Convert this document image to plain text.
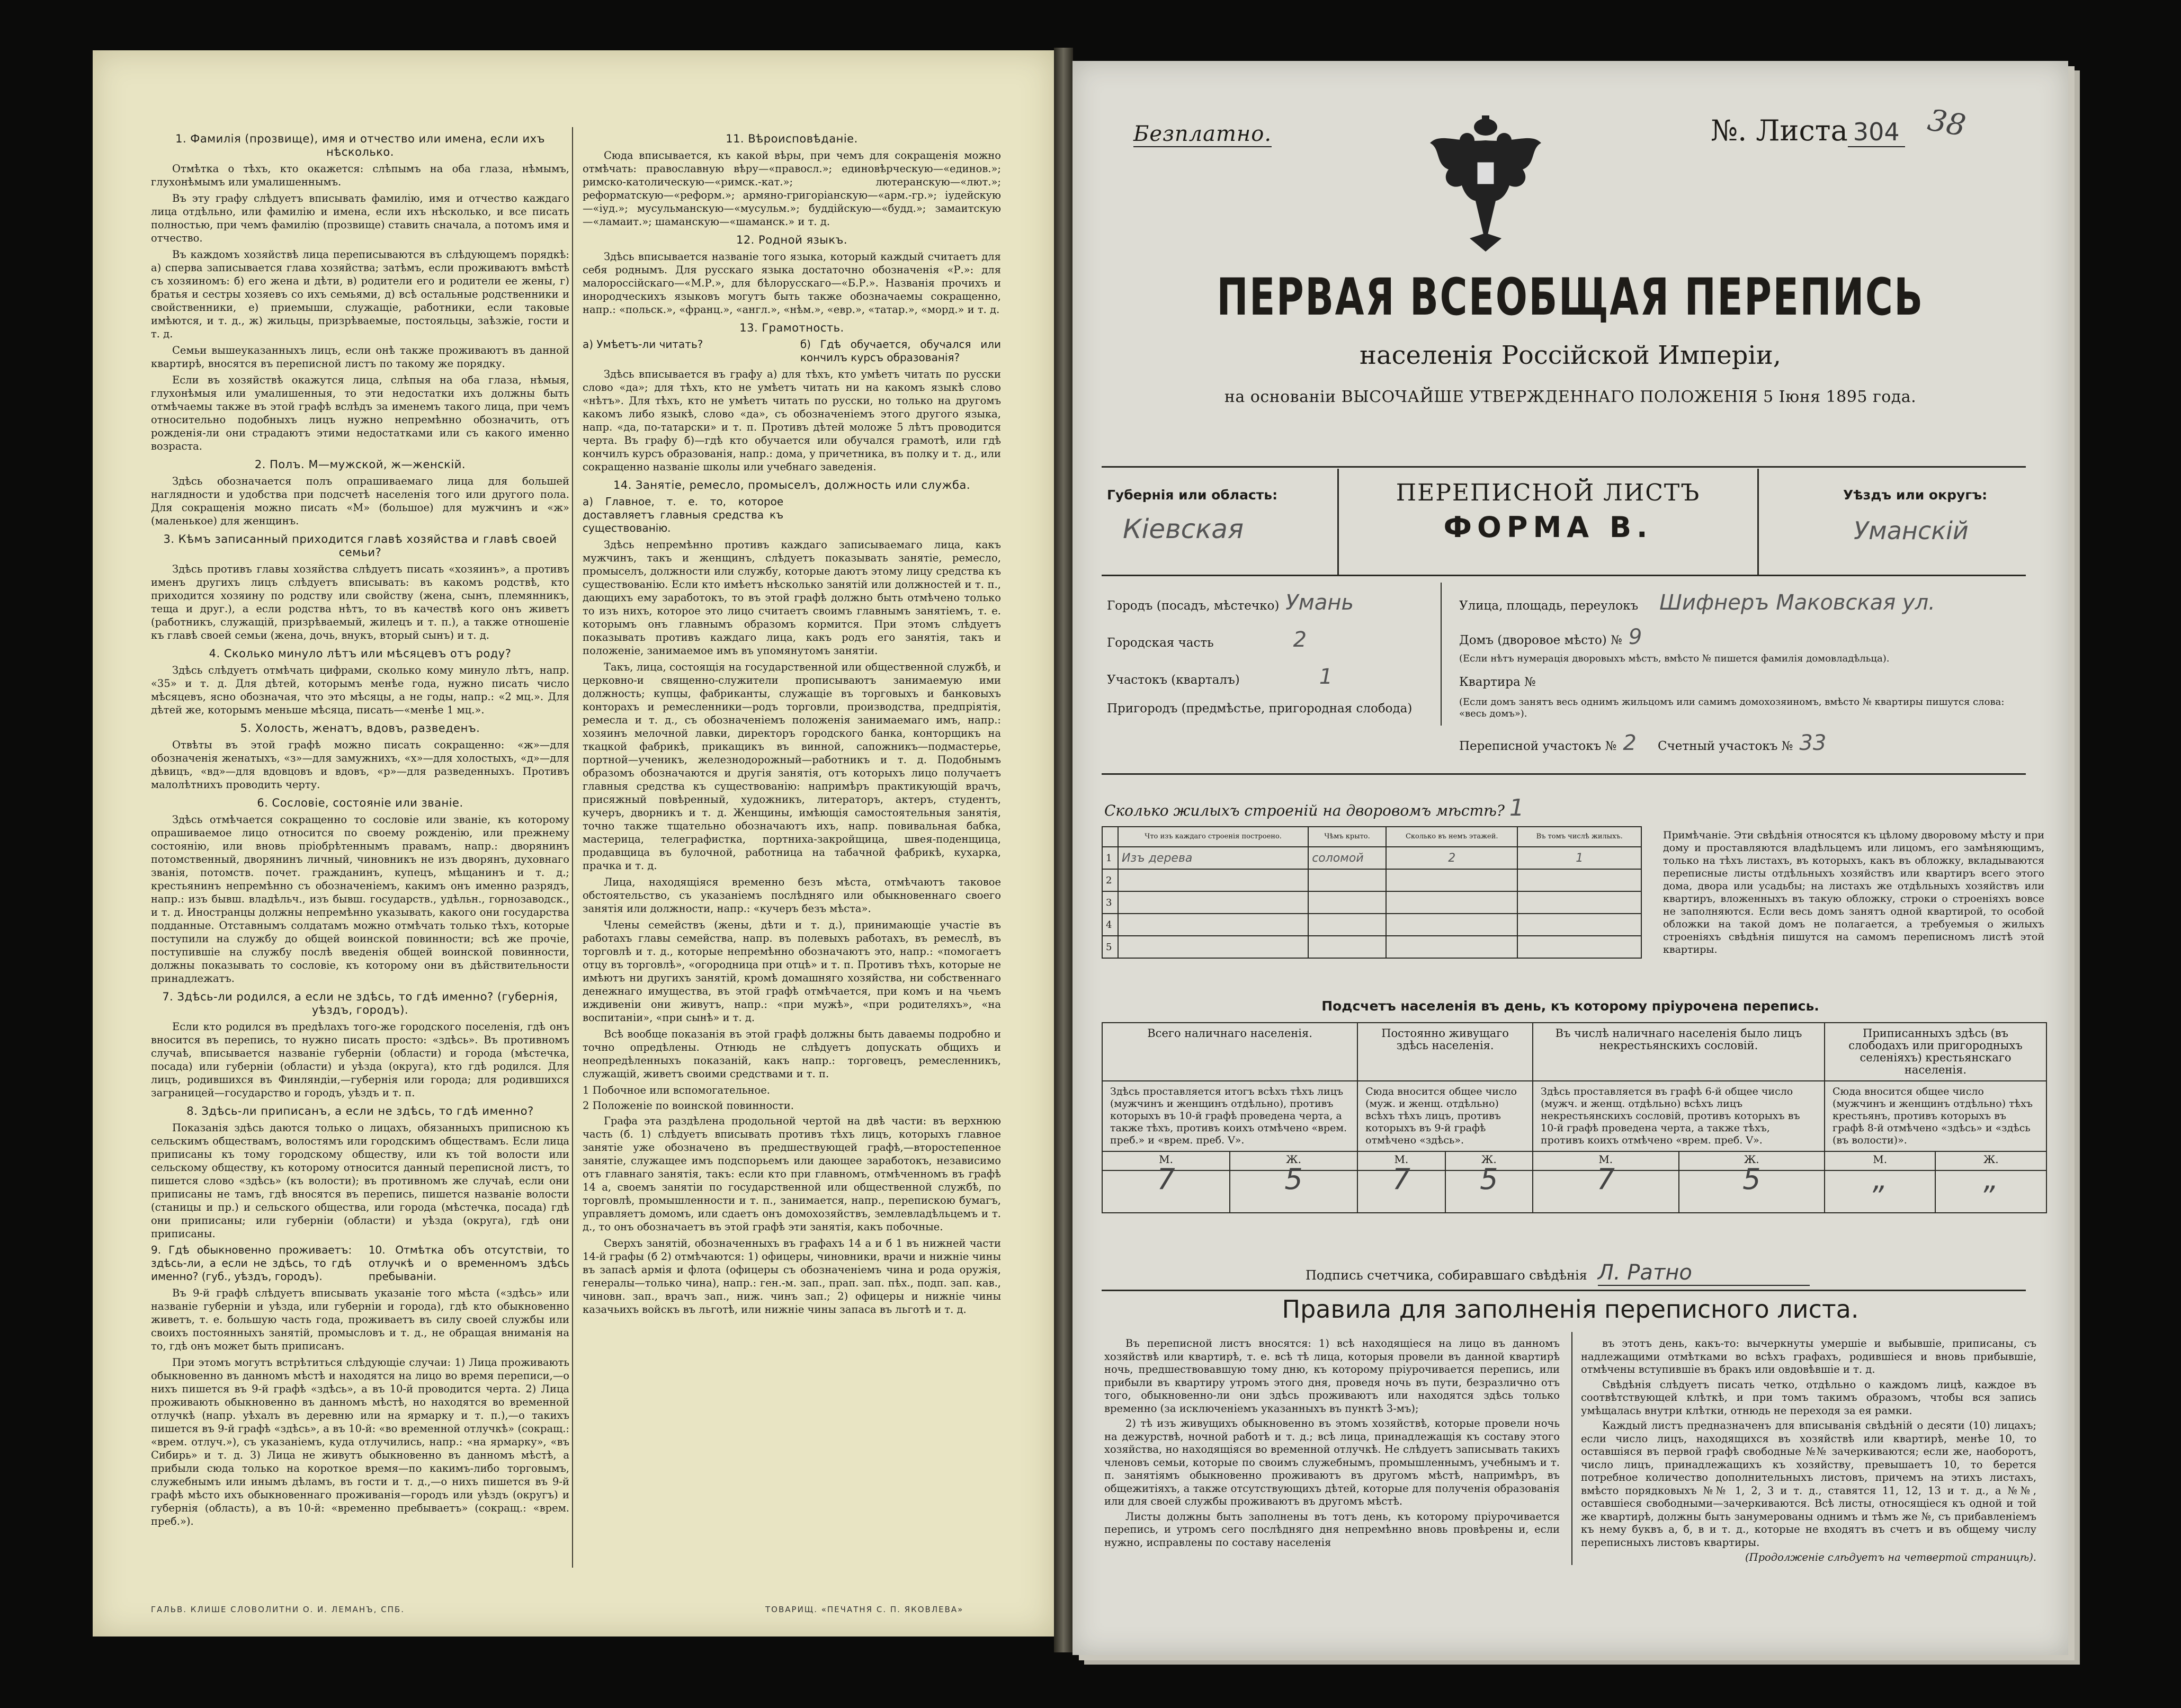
1. Фамилія (прозвище), имя и отчество или имена, если ихъ нѣсколько.

Отмѣтка о тѣхъ, кто окажется: слѣпымъ на оба глаза, нѣмымъ, глухонѣмымъ или умалишеннымъ.

Въ эту графу слѣдуетъ вписывать фамилію, имя и отчество каждаго лица отдѣльно, или фамилію и имена, если ихъ нѣсколько, и все писать полностью, при чемъ фамилію (прозвище) ставить сначала, а потомъ имя и отчество.

Въ каждомъ хозяйствѣ лица переписываются въ слѣдующемъ порядкѣ: а) сперва записывается глава хозяйства; затѣмъ, если проживаютъ вмѣстѣ съ хозяиномъ: б) его жена и дѣти, в) родители его и родители ее жены, г) братья и сестры хозяевъ со ихъ семьями, д) всѣ остальные родственники и свойственники, е) приемыши, служащіе, работники, если таковые имѣются, и т. д., ж) жильцы, призрѣваемые, постояльцы, заѣзжіе, гости и т. д.

Семьи вышеуказанныхъ лицъ, если онѣ также проживаютъ въ данной квартирѣ, вносятся въ переписной листъ по такому же порядку.

Если въ хозяйствѣ окажутся лица, слѣпыя на оба глаза, нѣмыя, глухонѣмыя или умалишенныя, то эти недостатки ихъ должны быть отмѣчаемы также въ этой графѣ вслѣдъ за именемъ такого лица, при чемъ относительно подобныхъ лицъ нужно непремѣнно обозначить, отъ рожденія-ли они страдаютъ этими недостатками или съ какого именно возраста.

2. Полъ. М—мужской, ж—женскій.

Здѣсь обозначается полъ опрашиваемаго лица для большей наглядности и удобства при подсчетѣ населенія того или другого пола. Для сокращенія можно писать «М» (большое) для мужчинъ и «ж» (маленькое) для женщинъ.

3. Кѣмъ записанный приходится главѣ хозяйства и главѣ своей семьи?

Здѣсь противъ главы хозяйства слѣдуетъ писать «хозяинъ», а противъ именъ другихъ лицъ слѣдуетъ вписывать: въ какомъ родствѣ, кто приходится хозяину по родству или свойству (жена, сынъ, племянникъ, теща и друг.), а если родства нѣтъ, то въ качествѣ кого онъ живетъ (работникъ, служащій, призрѣваемый, жилецъ и т. п.), а также отношеніе къ главѣ своей семьи (жена, дочь, внукъ, вторый сынъ) и т. д.

4. Сколько минуло лѣтъ или мѣсяцевъ отъ роду?

Здѣсь слѣдуетъ отмѣчать цифрами, сколько кому минуло лѣтъ, напр. «35» и т. д. Для дѣтей, которымъ менѣе года, нужно писать число мѣсяцевъ, ясно обозначая, что это мѣсяцы, а не годы, напр.: «2 мц.». Для дѣтей же, которымъ меньше мѣсяца, писать—«менѣе 1 мц.».

5. Холость, женатъ, вдовъ, разведенъ.

Отвѣты въ этой графѣ можно писать сокращенно: «ж»—для обозначенія женатыхъ, «з»—для замужнихъ, «х»—для холостыхъ, «д»—для дѣвицъ, «вд»—для вдовцовъ и вдовъ, «р»—для разведенныхъ. Противъ малолѣтнихъ проводить черту.

6. Сословіе, состояніе или званіе.

Здѣсь отмѣчается сокращенно то сословіе или званіе, къ которому опрашиваемое лицо относится по своему рожденію, или прежнему состоянію, или вновь пріобрѣтеннымъ правамъ, напр.: дворянинъ потомственный, дворянинъ личный, чиновникъ не изъ дворянъ, духовнаго званія, потомств. почет. гражданинъ, купецъ, мѣщанинъ и т. д.; крестьянинъ непремѣнно съ обозначеніемъ, какимъ онъ именно разрядъ, напр.: изъ бывш. владѣльч., изъ бывш. государств., удѣльн., горнозаводск., и т. д. Иностранцы должны непремѣнно указывать, какого они государства подданные. Отставнымъ солдатамъ можно отмѣчать только тѣхъ, которые поступили на службу до общей воинской повинности; всѣ же прочіе, поступившіе на службу послѣ введенія общей воинской повинности, должны показывать то сословіе, къ которому они въ дѣйствительности принадлежатъ.

7. Здѣсь-ли родился, а если не здѣсь, то гдѣ именно? (губернія, уѣздъ, городъ).

Если кто родился въ предѣлахъ того-же городского поселенія, гдѣ онъ вносится въ перепись, то нужно писать просто: «здѣсь». Въ противномъ случаѣ, вписывается названіе губерніи (области) и города (мѣстечка, посада) или губерніи (области) и уѣзда (округа), кто гдѣ родился. Для лицъ, родившихся въ Финляндіи,—губернія или города; для родившихся заграницей—государство и городъ, уѣздъ и т. п.

8. Здѣсь-ли приписанъ, а если не здѣсь, то гдѣ именно?

Показанія здѣсь даются только о лицахъ, обязанныхъ приписною къ сельскимъ обществамъ, волостямъ или городскимъ обществамъ. Если лица приписаны къ тому городскому обществу, или къ той волости или сельскому обществу, къ которому относится данный переписной листъ, то пишется слово «здѣсь» (къ волости); въ противномъ же случаѣ, если они приписаны не тамъ, гдѣ вносятся въ перепись, пишется названіе волости (станицы и пр.) и сельского общества, или города (мѣстечка, посада) гдѣ они приписаны; или губерніи (области) и уѣзда (округа), гдѣ они приписаны.

9. Гдѣ обыкновенно проживаетъ: здѣсь-ли, а если не здѣсь, то гдѣ именно? (губ., уѣздъ, городъ).
10. Отмѣтка объ отсутствіи, то отлучкѣ и о временномъ здѣсь пребываніи.

Въ 9-й графѣ слѣдуетъ вписывать указаніе того мѣста («здѣсь» или названіе губерніи и уѣзда, или губерніи и города), гдѣ кто обыкновенно живетъ, т. е. большую часть года, проживаетъ въ силу своей службы или своихъ постоянныхъ занятій, промысловъ и т. д., не обращая вниманія на то, гдѣ онъ может быть приписанъ.

При этомъ могутъ встрѣтиться слѣдующіе случаи: 1) Лица проживають обыкновенно въ данномъ мѣстѣ и находятся на лицо во время переписи,—о нихъ пишется въ 9-й графѣ «здѣсь», а въ 10-й проводится черта. 2) Лица проживають обыкновенно въ данномъ мѣстѣ, но находятся во временной отлучкѣ (напр. уѣхалъ въ деревню или на ярмарку и т. п.),—о такихъ пишется въ 9-й графѣ «здѣсь», а въ 10-й: «во временной отлучкѣ» (сокращ.: «врем. отлуч.»), съ указаніемъ, куда отлучились, напр.: «на ярмарку», «въ Сибирь» и т. д. 3) Лица не живутъ обыкновенно въ данномъ мѣстѣ, а прибыли сюда только на короткое время—по какимъ-либо торговымъ, служебнымъ или инымъ дѣламъ, въ гости и т. д.,—о нихъ пишется въ 9-й графѣ мѣсто ихъ обыкновеннаго проживанія—городъ или уѣздъ (округъ) и губернія (область), а въ 10-й: «временно пребываетъ» (сокращ.: «врем. преб.»).

11. Вѣроисповѣданіе.

Сюда вписывается, къ какой вѣры, при чемъ для сокращенія можно отмѣчать: православную вѣру—«правосл.»; единовѣрческую—«единов.»; римско-католическую—«римск.-кат.»; лютеранскую—«лют.»; реформатскую—«реформ.»; армяно-григоріанскую—«арм.-гр.»; іудейскую—«іуд.»; мусульманскую—«мусульм.»; буддійскую—«будд.»; замаитскую—«ламаит.»; шаманскую—«шаманск.» и т. д.

12. Родной языкъ.

Здѣсь вписывается названіе того языка, который каждый считаетъ для себя роднымъ. Для русскаго языка достаточно обозначенія «Р.»: для малороссійскаго—«М.Р.», для бѣлорусскаго—«Б.Р.». Названія прочихъ и инородческихъ языковъ могутъ быть также обозначаемы сокращенно, напр.: «польск.», «франц.», «англ.», «нѣм.», «евр.», «татар.», «морд.» и т. д.

13. Грамотность.
а) Умѣетъ-ли читать?	б) Гдѣ обучается, обучался или кончилъ курсъ образованія?

Здѣсь вписывается въ графу а) для тѣхъ, кто умѣетъ читать по русски слово «да»; для тѣхъ, кто не умѣетъ читать ни на какомъ языкѣ слово «нѣтъ». Для тѣхъ, кто не умѣетъ читать по русски, но только на другомъ какомъ либо языкѣ, слово «да», съ обозначеніемъ этого другого языка, напр. «да, по-татарски» и т. п. Противъ дѣтей моложе 5 лѣтъ проводится черта. Въ графу б)—гдѣ кто обучается или обучался грамотѣ, или гдѣ кончилъ курсъ образованія, напр.: дома, у причетника, въ полку и т. д., или сокращенно названіе школы или учебнаго заведенія.

14. Занятіе, ремесло, промыселъ, должность или служба.
а) Главное, т. е. то, которое доставляетъ главныя средства къ существованію.

Здѣсь непремѣнно противъ каждаго записываемаго лица, какъ мужчинъ, такъ и женщинъ, слѣдуетъ показывать занятіе, ремесло, промыселъ, должности или службу, которые даютъ этому лицу средства къ существованію. Если кто имѣетъ нѣсколько занятій или должностей и т. п., дающихъ ему заработокъ, то въ этой графѣ должно быть отмѣчено только то изъ нихъ, которое это лицо считаетъ своимъ главнымъ занятіемъ, т. е. которымъ онъ главнымъ образомъ кормится. При этомъ слѣдуетъ показывать противъ каждаго лица, какъ родъ его занятія, такъ и положеніе, занимаемое имъ въ упомянутомъ занятіи.

Такъ, лица, состоящія на государственной или общественной службѣ, и церковно-и священно-служители прописываютъ занимаемую ими должность; купцы, фабриканты, служащіе въ торговыхъ и банковыхъ конторахъ и ремесленники—родъ торговли, производства, предпріятія, ремесла и т. д., съ обозначеніемъ положенія занимаемаго имъ, напр.: хозяинъ мелочной лавки, директоръ городского банка, конторщикъ на ткацкой фабрикѣ, прикащикъ въ винной, сапожникъ—подмастерье, портной—ученикъ, железнодорожный—работникъ и т. д. Подобнымъ образомъ обозначаются и другія занятія, отъ которыхъ лицо получаетъ главныя средства къ существованію: напримѣръ практикующій врачъ, присяжный повѣренный, художникъ, литераторъ, актеръ, студентъ, кучеръ, дворникъ и т. д. Женщины, имѣющія самостоятельныя занятія, точно также тщательно обозначаютъ ихъ, напр. повивальная бабка, мастерица, телеграфистка, портниха-закройщица, швея-поденщица, продавщица въ булочной, работница на табачной фабрикѣ, кухарка, прачка и т. д.

Лица, находящіяся временно безъ мѣста, отмѣчаютъ таковое обстоятельство, съ указаніемъ послѣдняго или обыкновеннаго своего занятія или должности, напр.: «кучеръ безъ мѣста».

Члены семействъ (жены, дѣти и т. д.), принимающіе участіе въ работахъ главы семейства, напр. въ полевыхъ работахъ, въ ремеслѣ, въ торговлѣ и т. д., которые непремѣнно обозначаютъ это, напр.: «помогаетъ отцу въ торговлѣ», «огородница при отцѣ» и т. п. Противъ тѣхъ, которые не имѣютъ ни другихъ занятій, кромѣ домашняго хозяйства, ни собственнаго денежнаго имущества, въ этой графѣ отмѣчается, при комъ и на чьемъ иждивеніи они живутъ, напр.: «при мужѣ», «при родителяхъ», «на воспитаніи», «при сынѣ» и т. д.

Всѣ вообще показанія въ этой графѣ должны быть даваемы подробно и точно опредѣлены. Отнюдь не слѣдуетъ допускать общихъ и неопредѣленныхъ показаній, какъ напр.: торговецъ, ремесленникъ, служащій, живетъ своими средствами и т. п.

1 Побочное или вспомогательное.

2 Положеніе по воинской повинности.

Графа эта раздѣлена продольной чертой на двѣ части: въ верхнюю часть (б. 1) слѣдуетъ вписывать противъ тѣхъ лицъ, которыхъ главное занятіе уже обозначено въ предшествующей графѣ,—второстепенное занятіе, служащее имъ подспорьемъ или дающее заработокъ, независимо отъ главнаго занятія, такъ: если кто при главномъ, отмѣченномъ въ графѣ 14 а, своемъ занятіи по государственной или общественной службѣ, по торговлѣ, промышленности и т. п., занимается, напр., перепискою бумагъ, управляетъ домомъ, или сдаетъ онъ домохозяйствъ, землевладѣльцемъ и т. д., то онъ обозначаетъ въ этой графѣ эти занятія, какъ побочные.

Сверхъ занятій, обозначенныхъ въ графахъ 14 а и б 1 въ нижней части 14-й графы (б 2) отмѣчаются: 1) офицеры, чиновники, врачи и нижніе чины въ запасѣ армія и флота (офицеры съ обозначеніемъ чина и рода оружія, генералы—только чина), напр.: ген.-м. зап., прап. зап. пѣх., подп. зап. кав., чиновн. зап., врачъ зап., ниж. чинъ зап.; 2) офицеры и нижніе чины казачьихъ войскъ въ льготѣ, или нижніе чины запаса въ льготѣ и т. д.

ГАЛЬВ. КЛИШЕ СЛОВОЛИТНИ О. И. ЛЕМАНЪ, СПБ.	ТОВАРИЩ. «ПЕЧАТНЯ С. П. ЯКОВЛЕВА»
Безплатно.	№. Листа 304 38
ПЕРВАЯ ВСЕОБЩАЯ ПЕРЕПИСЬ
населенія Россійской Имперіи,
на основаніи ВЫСОЧАЙШЕ УТВЕРЖДЕННАГО ПОЛОЖЕНІЯ 5 Іюня 1895 года.
Губернія или область:
Кіевская
ПЕРЕПИСНОЙ ЛИСТЪ
ФОРМА В.
Уѣздъ или округъ:
Уманскій
Городъ (посадъ, мѣстечко) Умань
Городская часть	2
Участокъ (кварталъ)	1
Пригородъ (предмѣстье, пригородная слобода)
Улица, площадь, переулокъ Шифнеръ Маковская ул.
Домъ (дворовое мѣсто) № 9
(Если нѣтъ нумерація дворовыхъ мѣстъ, вмѣсто № пишется фамилія домовладѣльца).
Квартира №
(Если домъ занятъ весь однимъ жильцомъ или самимъ домохозяиномъ, вмѣсто № квартиры пишутся слова: «весь домъ»).
Переписной участокъ № 2 Счетный участокъ № 33
Сколько жилыхъ строеній на дворовомъ мѣстѣ? 1
	Что изъ каждаго строенія построено.	Чѣмъ крыто.	Сколько въ немъ этажей.	Въ томъ числѣ жилыхъ.
1	Изъ дерева	соломой	2	1
2				
3				
4				
5				
Примѣчаніе. Эти свѣдѣнія относятся къ цѣлому дворовому мѣсту и при дому и проставляются владѣльцемъ или лицомъ, его замѣняющимъ, только на тѣхъ листахъ, въ которыхъ, какъ въ обложку, вкладываются переписные листы отдѣльныхъ хозяйствъ или квартиръ всего этого дома, двора или усадьбы; на листахъ же отдѣльныхъ хозяйствъ или квартиръ, вложенныхъ въ такую обложку, строки о строеніяхъ вовсе не заполняются. Если весь домъ занятъ одной квартирой, то особой обложки на такой домъ не полагается, а требуемыя о жилыхъ строеніяхъ свѣдѣнія пишутся на самомъ переписномъ листѣ этой квартиры.
Подсчетъ населенія въ день, къ которому пріурочена перепись.
Всего наличнаго населенія.		Постоянно живущаго здѣсь населенія.		Въ числѣ наличнаго населенія было лицъ некрестьянскихъ сословій.		Приписанныхъ здѣсь (въ слободахъ или пригородныхъ селеніяхъ) крестьянскаго населенія.	
Здѣсь проставляется итогъ всѣхъ тѣхъ лицъ (мужчинъ и женщинъ отдѣльно), противъ которыхъ въ 10-й графѣ проведена черта, а также тѣхъ, противъ коихъ отмѣчено «врем. преб.» и «врем. преб. V».		Сюда вносится общее число (муж. и женщ. отдѣльно) всѣхъ тѣхъ лицъ, противъ которыхъ въ 9-й графѣ отмѣчено «здѣсь».		Здѣсь проставляется въ графѣ 6-й общее число (мужч. и женщ. отдѣльно) всѣхъ лицъ некрестьянскихъ сословій, противъ которыхъ въ 10-й графѣ проведена черта, а также тѣхъ, противъ коихъ отмѣчено «врем. преб. V».		Сюда вносится общее число (мужчинъ и женщинъ отдѣльно) тѣхъ крестьянъ, противъ которыхъ въ графѣ 8-й отмѣчено «здѣсь» и «здѣсь (въ волости)».	
М.	Ж.	М.	Ж.	М.	Ж.	М.	Ж.
7	5	7	5	7	5	„	„
Подпись счетчика, собиравшаго свѣдѣнія Л. Ратно
Правила для заполненія переписного листа.

Въ переписной листъ вносятся: 1) всѣ находящіеся на лицо въ данномъ хозяйствѣ или квартирѣ, т. е. всѣ тѣ лица, которыя провели въ данной квартирѣ ночь, предшествовавшую тому дню, къ которому пріурочивается перепись, или прибыли въ квартиру утромъ этого дня, проведя ночь въ пути, безразлично отъ того, обыкновенно-ли они здѣсь проживаютъ или находятся здѣсь только временно (за исключеніемъ указанныхъ въ пунктѣ 3-мъ);

2) тѣ изъ живущихъ обыкновенно въ этомъ хозяйствѣ, которые провели ночь на дежурствѣ, ночной работѣ и т. д.; всѣ лица, принадлежащія къ составу этого хозяйства, но находящіяся во временной отлучкѣ. Не слѣдуетъ записывать такихъ членовъ семьи, которые по своимъ служебнымъ, промышленнымъ, учебнымъ и т. п. занятіямъ обыкновенно проживаютъ въ другомъ мѣстѣ, напримѣръ, въ общежитіяхъ, а также отсутствующихъ дѣтей, которые для полученія образованія или для своей службы проживаютъ въ другомъ мѣстѣ.

Листы должны быть заполнены въ тотъ день, къ которому пріурочивается перепись, и утромъ сего послѣдняго дня непремѣнно вновь провѣрены и, если нужно, исправлены по составу населенія

въ этотъ день, какъ-то: вычеркнуты умершіе и выбывшіе, приписаны, съ надлежащими отмѣтками во всѣхъ графахъ, родившіеся и вновь прибывшіе, отмѣчены вступившіе въ бракъ или овдовѣвшіе и т. д.

Свѣдѣнія слѣдуетъ писать четко, отдѣльно о каждомъ лицѣ, каждое въ соотвѣтствующей клѣткѣ, и при томъ такимъ образомъ, чтобы вся запись умѣщалась внутри клѣтки, отнюдь не переходя за ея рамки.

Каждый листъ предназначенъ для вписыванія свѣдѣній о десяти (10) лицахъ; если число лицъ, находящихся въ хозяйствѣ или квартирѣ, менѣе 10, то оставшіяся въ первой графѣ свободные №№ зачеркиваются; если же, наоборотъ, число лицъ, принадлежащихъ къ хозяйству, превышаетъ 10, то берется потребное количество дополнительныхъ листовъ, причемъ на этихъ листахъ, вмѣсто порядковыхъ №№ 1, 2, 3 и т. д., ставятся 11, 12, 13 и т. д., а №№, оставшіеся свободными—зачеркиваются. Всѣ листы, относящіеся къ одной и той же квартирѣ, должны быть занумерованы однимъ и тѣмъ же №, съ прибавленіемъ къ нему буквъ а, б, в и т. д., которые не входятъ въ счетъ и въ общему числу переписныхъ листовъ квартиры.

(Продолженіе слѣдуетъ на четвертой страницѣ).
